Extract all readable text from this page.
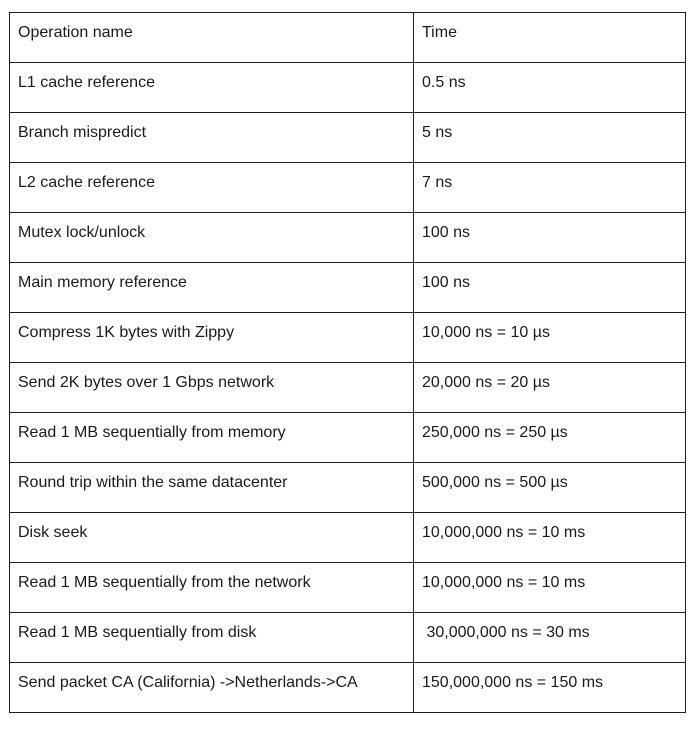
Operation name	Time

L1 cache reference	0.5 ns

Branch mispredict	5 ns

L2 cache reference	7 ns

Mutex lock/unlock	100 ns

Main memory reference	100 ns

Compress 1K bytes with Zippy	10,000 ns = 10 µs

Send 2K bytes over 1 Gbps network	20,000 ns = 20 µs

Read 1 MB sequentially from memory	250,000 ns = 250 µs

Round trip within the same datacenter	500,000 ns = 500 µs

Disk seek	10,000,000 ns = 10 ms

Read 1 MB sequentially from the network	10,000,000 ns = 10 ms

Read 1 MB sequentially from disk	30,000,000 ns = 30 ms

Send packet CA (California) ->Netherlands->CA	150,000,000 ns = 150 ms
